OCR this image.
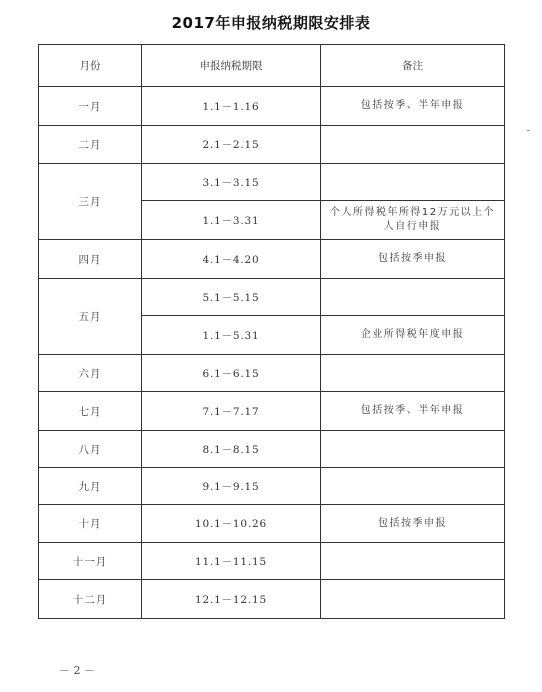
2017年申报纳税期限安排表
月份	申报纳税期限	备注
一月	1.1－1.16	包括按季、半年申报
二月	2.1－2.15	
三月	3.1－3.15	
	1.1－3.31	个人所得税年所得12万元以上个人自行申报
四月	4.1－4.20	包括按季申报
五月	5.1－5.15	
	1.1－5.31	企业所得税年度申报
六月	6.1－6.15	
七月	7.1－7.17	包括按季、半年申报
八月	8.1－8.15	
九月	9.1－9.15	
十月	10.1－10.26	包括按季申报
十一月	11.1－11.15	
十二月	12.1－12.15	
－ 2 －
